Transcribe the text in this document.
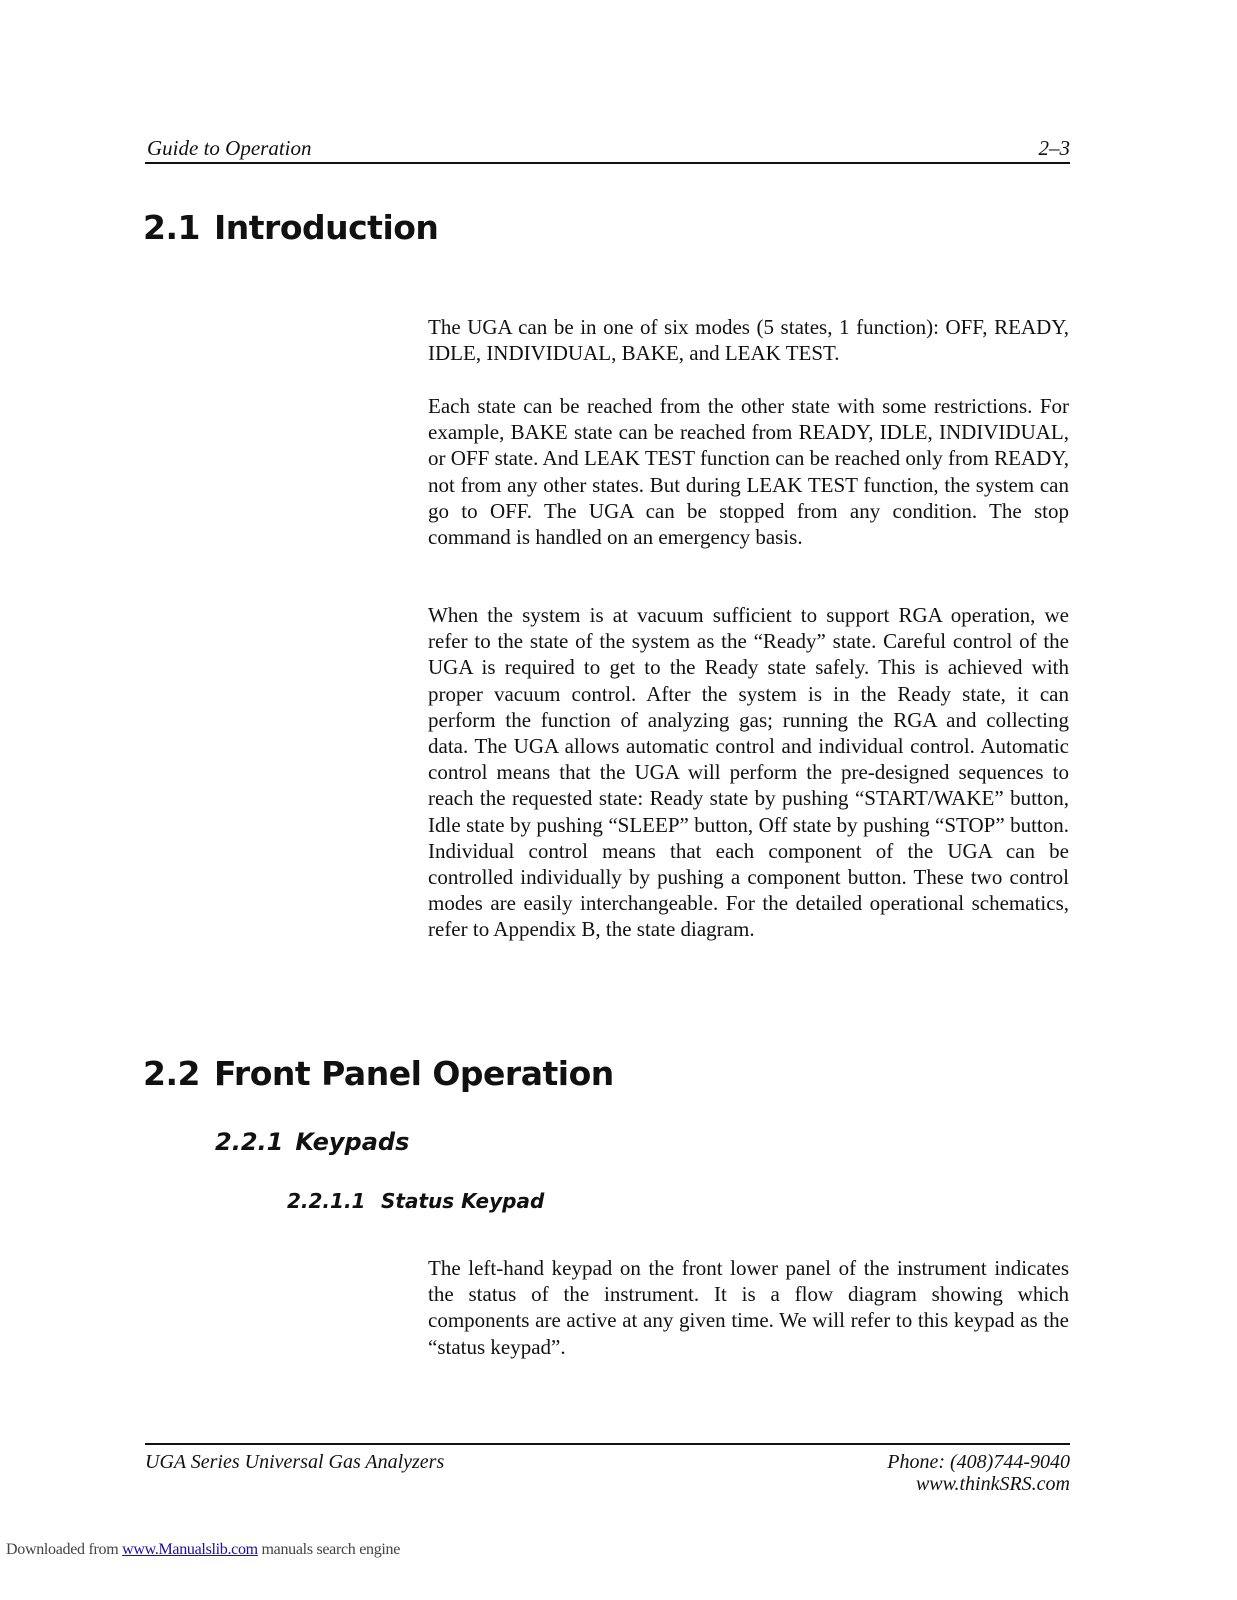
Guide to Operation	2–3
2.1 Introduction

The UGA can be in one of six modes (5 states, 1 function): OFF, READY, IDLE, INDIVIDUAL, BAKE, and LEAK TEST.

Each state can be reached from the other state with some restrictions. For example, BAKE state can be reached from READY, IDLE, INDIVIDUAL, or OFF state. And LEAK TEST function can be reached only from READY, not from any other states. But during LEAK TEST function, the system can go to OFF. The UGA can be stopped from any condition. The stop command is handled on an emergency basis.

When the system is at vacuum sufficient to support RGA operation, we refer to the state of the system as the “Ready” state. Careful control of the UGA is required to get to the Ready state safely. This is achieved with proper vacuum control. After the system is in the Ready state, it can perform the function of analyzing gas; running the RGA and collecting data. The UGA allows automatic control and individual control. Automatic control means that the UGA will perform the pre-designed sequences to reach the requested state: Ready state by pushing “START/WAKE” button, Idle state by pushing “SLEEP” button, Off state by pushing “STOP” button. Individual control means that each component of the UGA can be controlled individually by pushing a component button. These two control modes are easily interchangeable. For the detailed operational schematics, refer to Appendix B, the state diagram.

2.2 Front Panel Operation
2.2.1 Keypads
2.2.1.1 Status Keypad

The left-hand keypad on the front lower panel of the instrument indicates the status of the instrument. It is a flow diagram showing which components are active at any given time. We will refer to this keypad as the “status keypad”.

UGA Series Universal Gas Analyzers	Phone: (408)744-9040
www.thinkSRS.com
Downloaded from www.Manualslib.com manuals search engine
